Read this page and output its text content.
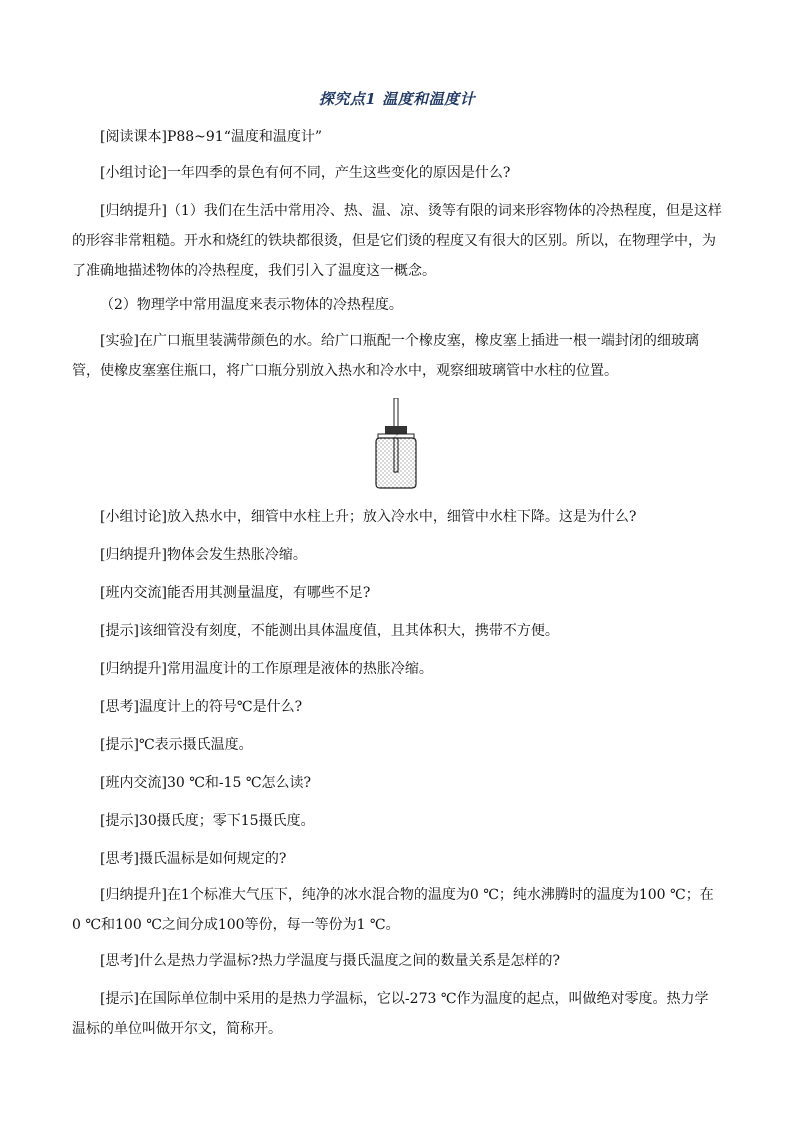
探究点1 温度和温度计

[阅读课本]P88~91“温度和温度计”

[小组讨论]一年四季的景色有何不同，产生这些变化的原因是什么?

[归纳提升]（1）我们在生活中常用冷、热、温、凉、烫等有限的词来形容物体的冷热程度，但是这样的形容非常粗糙。开水和烧红的铁块都很烫，但是它们烫的程度又有很大的区别。所以，在物理学中，为了准确地描述物体的冷热程度，我们引入了温度这一概念。

（2）物理学中常用温度来表示物体的冷热程度。

[实验]在广口瓶里装满带颜色的水。给广口瓶配一个橡皮塞，橡皮塞上插进一根一端封闭的细玻璃管，使橡皮塞塞住瓶口，将广口瓶分别放入热水和冷水中，观察细玻璃管中水柱的位置。

[小组讨论]放入热水中，细管中水柱上升；放入冷水中，细管中水柱下降。这是为什么?

[归纳提升]物体会发生热胀冷缩。

[班内交流]能否用其测量温度，有哪些不足?

[提示]该细管没有刻度，不能测出具体温度值，且其体积大，携带不方便。

[归纳提升]常用温度计的工作原理是液体的热胀冷缩。

[思考]温度计上的符号℃是什么?

[提示]℃表示摄氏温度。

[班内交流]30 ℃和-15 ℃怎么读?

[提示]30摄氏度；零下15摄氏度。

[思考]摄氏温标是如何规定的?

[归纳提升]在1个标准大气压下，纯净的冰水混合物的温度为0 ℃；纯水沸腾时的温度为100 ℃；在0 ℃和100 ℃之间分成100等份，每一等份为1 ℃。

[思考]什么是热力学温标?热力学温度与摄氏温度之间的数量关系是怎样的?

[提示]在国际单位制中采用的是热力学温标，它以-273 ℃作为温度的起点，叫做绝对零度。热力学温标的单位叫做开尔文，简称开。
